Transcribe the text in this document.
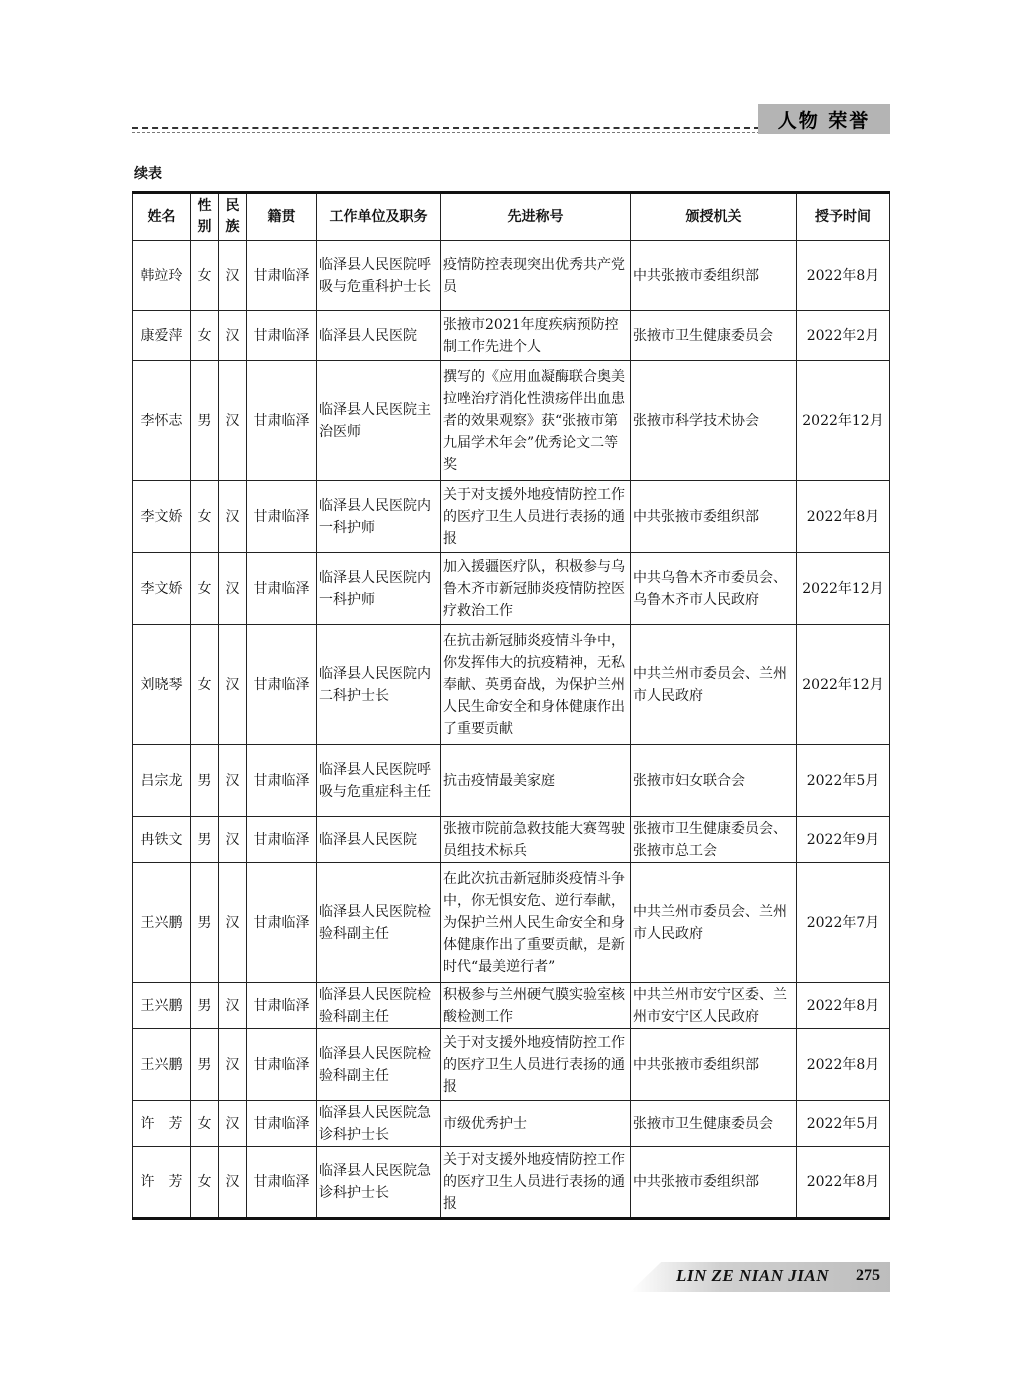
人物 荣誉
续表
姓名	性别	民族	籍贯	工作单位及职务	先进称号	颁授机关	授予时间
韩竝玲	女	汉	甘肃临泽	临泽县人民医院呼吸与危重科护士长	疫情防控表现突出优秀共产党员	中共张掖市委组织部	2022年8月
康爱萍	女	汉	甘肃临泽	临泽县人民医院	张掖市2021年度疾病预防控制工作先进个人	张掖市卫生健康委员会	2022年2月
李怀志	男	汉	甘肃临泽	临泽县人民医院主治医师	撰写的《应用血凝酶联合奥美拉唑治疗消化性溃疡伴出血患者的效果观察》获“张掖市第九届学术年会”优秀论文二等奖	张掖市科学技术协会	2022年12月
李文娇	女	汉	甘肃临泽	临泽县人民医院内一科护师	关于对支援外地疫情防控工作的医疗卫生人员进行表扬的通报	中共张掖市委组织部	2022年8月
李文娇	女	汉	甘肃临泽	临泽县人民医院内一科护师	加入援疆医疗队，积极参与乌鲁木齐市新冠肺炎疫情防控医疗救治工作	中共乌鲁木齐市委员会、乌鲁木齐市人民政府	2022年12月
刘晓琴	女	汉	甘肃临泽	临泽县人民医院内二科护士长	在抗击新冠肺炎疫情斗争中，你发挥伟大的抗疫精神，无私奉献、英勇奋战，为保护兰州人民生命安全和身体健康作出了重要贡献	中共兰州市委员会、兰州市人民政府	2022年12月
吕宗龙	男	汉	甘肃临泽	临泽县人民医院呼吸与危重症科主任	抗击疫情最美家庭	张掖市妇女联合会	2022年5月
冉铁文	男	汉	甘肃临泽	临泽县人民医院	张掖市院前急救技能大赛驾驶员组技术标兵	张掖市卫生健康委员会、张掖市总工会	2022年9月
王兴鹏	男	汉	甘肃临泽	临泽县人民医院检验科副主任	在此次抗击新冠肺炎疫情斗争中，你无惧安危、逆行奉献，为保护兰州人民生命安全和身体健康作出了重要贡献，是新时代“最美逆行者”	中共兰州市委员会、兰州市人民政府	2022年7月
王兴鹏	男	汉	甘肃临泽	临泽县人民医院检验科副主任	积极参与兰州硬气膜实验室核酸检测工作	中共兰州市安宁区委、兰州市安宁区人民政府	2022年8月
王兴鹏	男	汉	甘肃临泽	临泽县人民医院检验科副主任	关于对支援外地疫情防控工作的医疗卫生人员进行表扬的通报	中共张掖市委组织部	2022年8月
许　芳	女	汉	甘肃临泽	临泽县人民医院急诊科护士长	市级优秀护士	张掖市卫生健康委员会	2022年5月
许　芳	女	汉	甘肃临泽	临泽县人民医院急诊科护士长	关于对支援外地疫情防控工作的医疗卫生人员进行表扬的通报	中共张掖市委组织部	2022年8月
LIN ZE NIAN JIAN 275
